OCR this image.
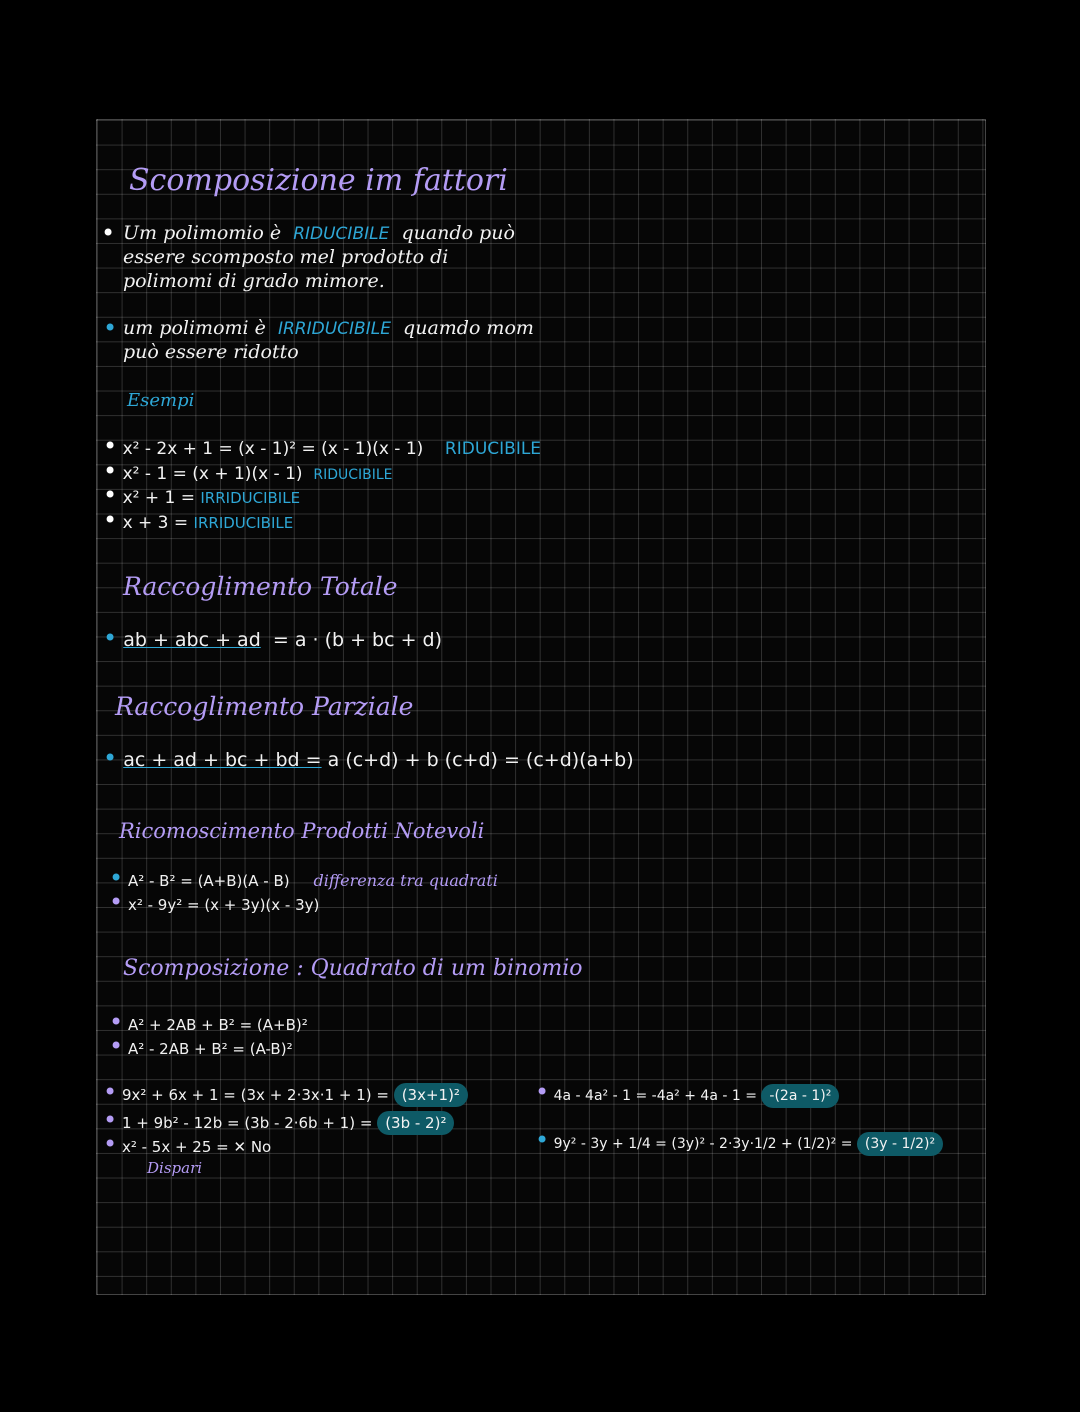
Scomposizione im fattori
• Um polimomio è RIDUCIBILE quando può
essere scomposto mel prodotto di
polimomi di grado mimore.
• um polimomi è IRRIDUCIBILE quamdo mom
può essere ridotto
Esempi
• x² - 2x + 1 = (x - 1)² = (x - 1)(x - 1) RIDUCIBILE
• x² - 1 = (x + 1)(x - 1) RIDUCIBILE
• x² + 1 = IRRIDUCIBILE
• x + 3 = IRRIDUCIBILE
Raccoglimento Totale
• ab + abc + ad = a · (b + bc + d)
Raccoglimento Parziale
• ac + ad + bc + bd = a (c+d) + b (c+d) = (c+d)(a+b)
Ricomoscimento Prodotti Notevoli
• A² - B² = (A+B)(A - B) differenza tra quadrati
• x² - 9y² = (x + 3y)(x - 3y)
Scomposizione : Quadrato di um binomio
• A² + 2AB + B² = (A+B)²
• A² - 2AB + B² = (A-B)²
• 9x² + 6x + 1 = (3x + 2·3x·1 + 1) = (3x+1)²
• 1 + 9b² - 12b = (3b - 2·6b + 1) = (3b - 2)²
• x² - 5x + 25 = ✕ No
Dispari
• 4a - 4a² - 1 = -4a² + 4a - 1 = -(2a - 1)²
• 9y² - 3y + 1/4 = (3y)² - 2·3y·1/2 + (1/2)² = (3y - 1/2)²
